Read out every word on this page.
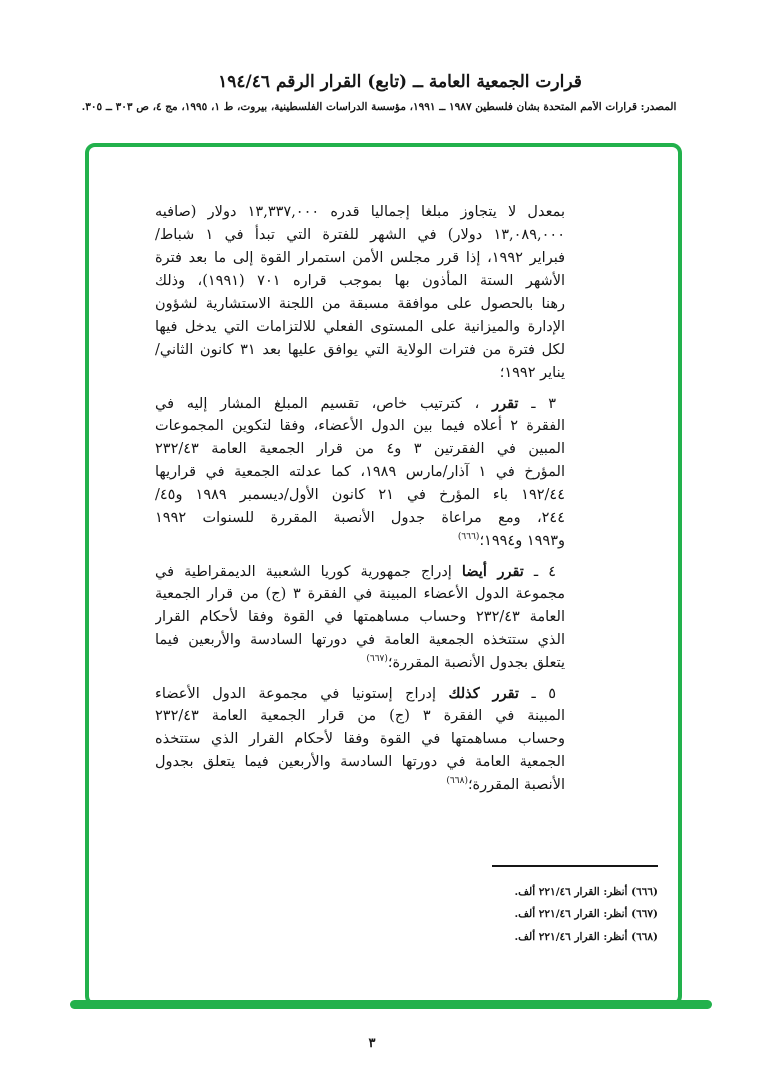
قرارت الجمعية العامة ــ (تابع) القرار الرقم ١٩٤/٤٦
المصدر: قرارات الأمم المتحدة بشأن فلسطين ١٩٨٧ ــ ١٩٩١، مؤسسة الدراسات الفلسطينية، بيروت، ط ١، ١٩٩٥، مج ٤، ص ٣٠٣ ــ ٣٠٥.
بمعدل لا يتجاوز مبلغا إجماليا قدره ١٣,٣٣٧,٠٠٠ دولار (صافيه
١٣,٠٨٩,٠٠٠ دولار) في الشهر للفترة التي تبدأ في ١ شباط/
فبراير ١٩٩٢، إذا قرر مجلس الأمن استمرار القوة إلى ما بعد فترة
الأشهر الستة المأذون بها بموجب قراره ٧٠١ (١٩٩١)، وذلك
رهنا بالحصول على موافقة مسبقة من اللجنة الاستشارية لشؤون
الإدارة والميزانية على المستوى الفعلي للالتزامات التي يدخل فيها
لكل فترة من فترات الولاية التي يوافق عليها بعد ٣١ كانون الثاني/
يناير ١٩٩٢؛
٣ ـ تقرر ، كترتيب خاص، تقسيم المبلغ المشار إليه في
الفقرة ٢ أعلاه فيما بين الدول الأعضاء، وفقا لتكوين المجموعات
المبين في الفقرتين ٣ و٤ من قرار الجمعية العامة ٢٣٢/٤٣
المؤرخ في ١ آذار/مارس ١٩٨٩، كما عدلته الجمعية في قراريها
١٩٢/٤٤ باء المؤرخ في ٢١ كانون الأول/ديسمبر ١٩٨٩ و٤٥/
٢٤٤، ومع مراعاة جدول الأنصبة المقررة للسنوات ١٩٩٢
و١٩٩٣ و١٩٩٤؛$^{(٦٦٦)}$
٤ ـ تقرر أيضا إدراج جمهورية كوريا الشعبية الديمقراطية في
مجموعة الدول الأعضاء المبينة في الفقرة ٣ (ج) من قرار الجمعية
العامة ٢٣٢/٤٣ وحساب مساهمتها في القوة وفقا لأحكام القرار
الذي ستتخذه الجمعية العامة في دورتها السادسة والأربعين فيما
يتعلق بجدول الأنصبة المقررة؛$^{(٦٦٧)}$
٥ ـ تقرر كذلك إدراج إستونيا في مجموعة الدول الأعضاء
المبينة في الفقرة ٣ (ج) من قرار الجمعية العامة ٢٣٢/٤٣
وحساب مساهمتها في القوة وفقا لأحكام القرار الذي ستتخذه
الجمعية العامة في دورتها السادسة والأربعين فيما يتعلق بجدول
الأنصبة المقررة؛$^{(٦٦٨)}$
(٦٦٦) أنظر: القرار ٢٢١/٤٦ ألف.
(٦٦٧) أنظر: القرار ٢٢١/٤٦ ألف.
(٦٦٨) أنظر: القرار ٢٢١/٤٦ ألف.
٣
